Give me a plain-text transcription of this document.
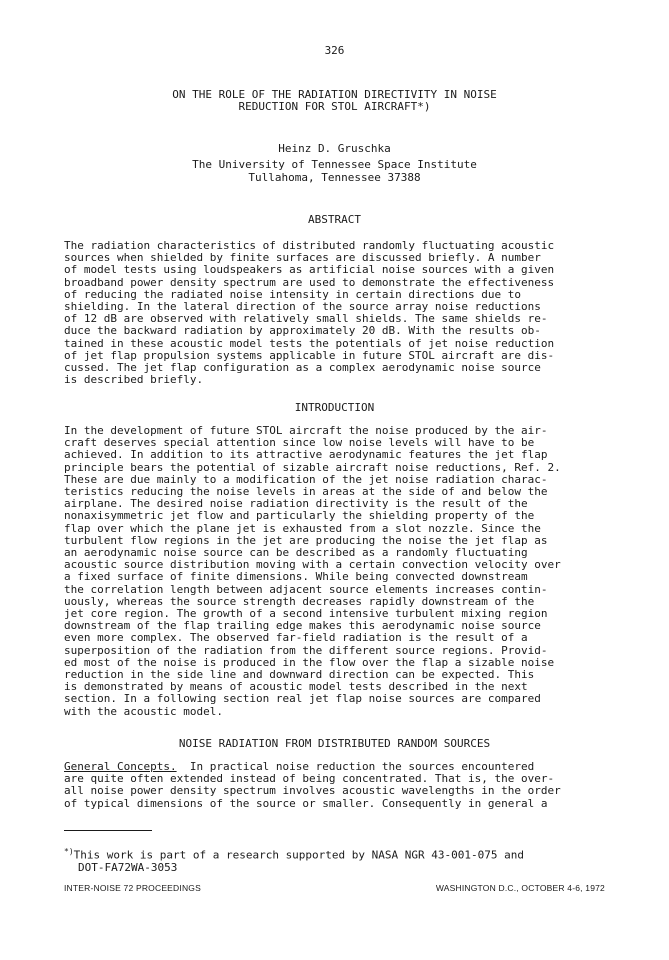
326
ON THE ROLE OF THE RADIATION DIRECTIVITY IN NOISE
REDUCTION FOR STOL AIRCRAFT*)
Heinz D. Gruschka
The University of Tennessee Space Institute
Tullahoma, Tennessee 37388
ABSTRACT

The radiation characteristics of distributed randomly fluctuating acoustic

sources when shielded by finite surfaces are discussed briefly. A number

of model tests using loudspeakers as artificial noise sources with a given

broadband power density spectrum are used to demonstrate the effectiveness

of reducing the radiated noise intensity in certain directions due to

shielding. In the lateral direction of the source array noise reductions

of 12 dB are observed with relatively small shields. The same shields re-

duce the backward radiation by approximately 20 dB. With the results ob-

tained in these acoustic model tests the potentials of jet noise reduction

of jet flap propulsion systems applicable in future STOL aircraft are dis-

cussed. The jet flap configuration as a complex aerodynamic noise source

is described briefly.

INTRODUCTION

In the development of future STOL aircraft the noise produced by the air-

craft deserves special attention since low noise levels will have to be

achieved. In addition to its attractive aerodynamic features the jet flap

principle bears the potential of sizable aircraft noise reductions, Ref. 2.

These are due mainly to a modification of the jet noise radiation charac-

teristics reducing the noise levels in areas at the side of and below the

airplane. The desired noise radiation directivity is the result of the

nonaxisymmetric jet flow and particularly the shielding property of the

flap over which the plane jet is exhausted from a slot nozzle. Since the

turbulent flow regions in the jet are producing the noise the jet flap as

an aerodynamic noise source can be described as a randomly fluctuating

acoustic source distribution moving with a certain convection velocity over

a fixed surface of finite dimensions. While being convected downstream

the correlation length between adjacent source elements increases contin-

uously, whereas the source strength decreases rapidly downstream of the

jet core region. The growth of a second intensive turbulent mixing region

downstream of the flap trailing edge makes this aerodynamic noise source

even more complex. The observed far-field radiation is the result of a

superposition of the radiation from the different source regions. Provid-

ed most of the noise is produced in the flow over the flap a sizable noise

reduction in the side line and downward direction can be expected. This

is demonstrated by means of acoustic model tests described in the next

section. In a following section real jet flap noise sources are compared

with the acoustic model.

NOISE RADIATION FROM DISTRIBUTED RANDOM SOURCES

General Concepts.  In practical noise reduction the sources encountered

are quite often extended instead of being concentrated. That is, the over-

all noise power density spectrum involves acoustic wavelengths in the order

of typical dimensions of the source or smaller. Consequently in general a

*)This work is part of a research supported by NASA NGR 43-001-075 and
DOT-FA72WA-3053
INTER-NOISE 72 PROCEEDINGS	WASHINGTON D.C., OCTOBER 4-6, 1972
